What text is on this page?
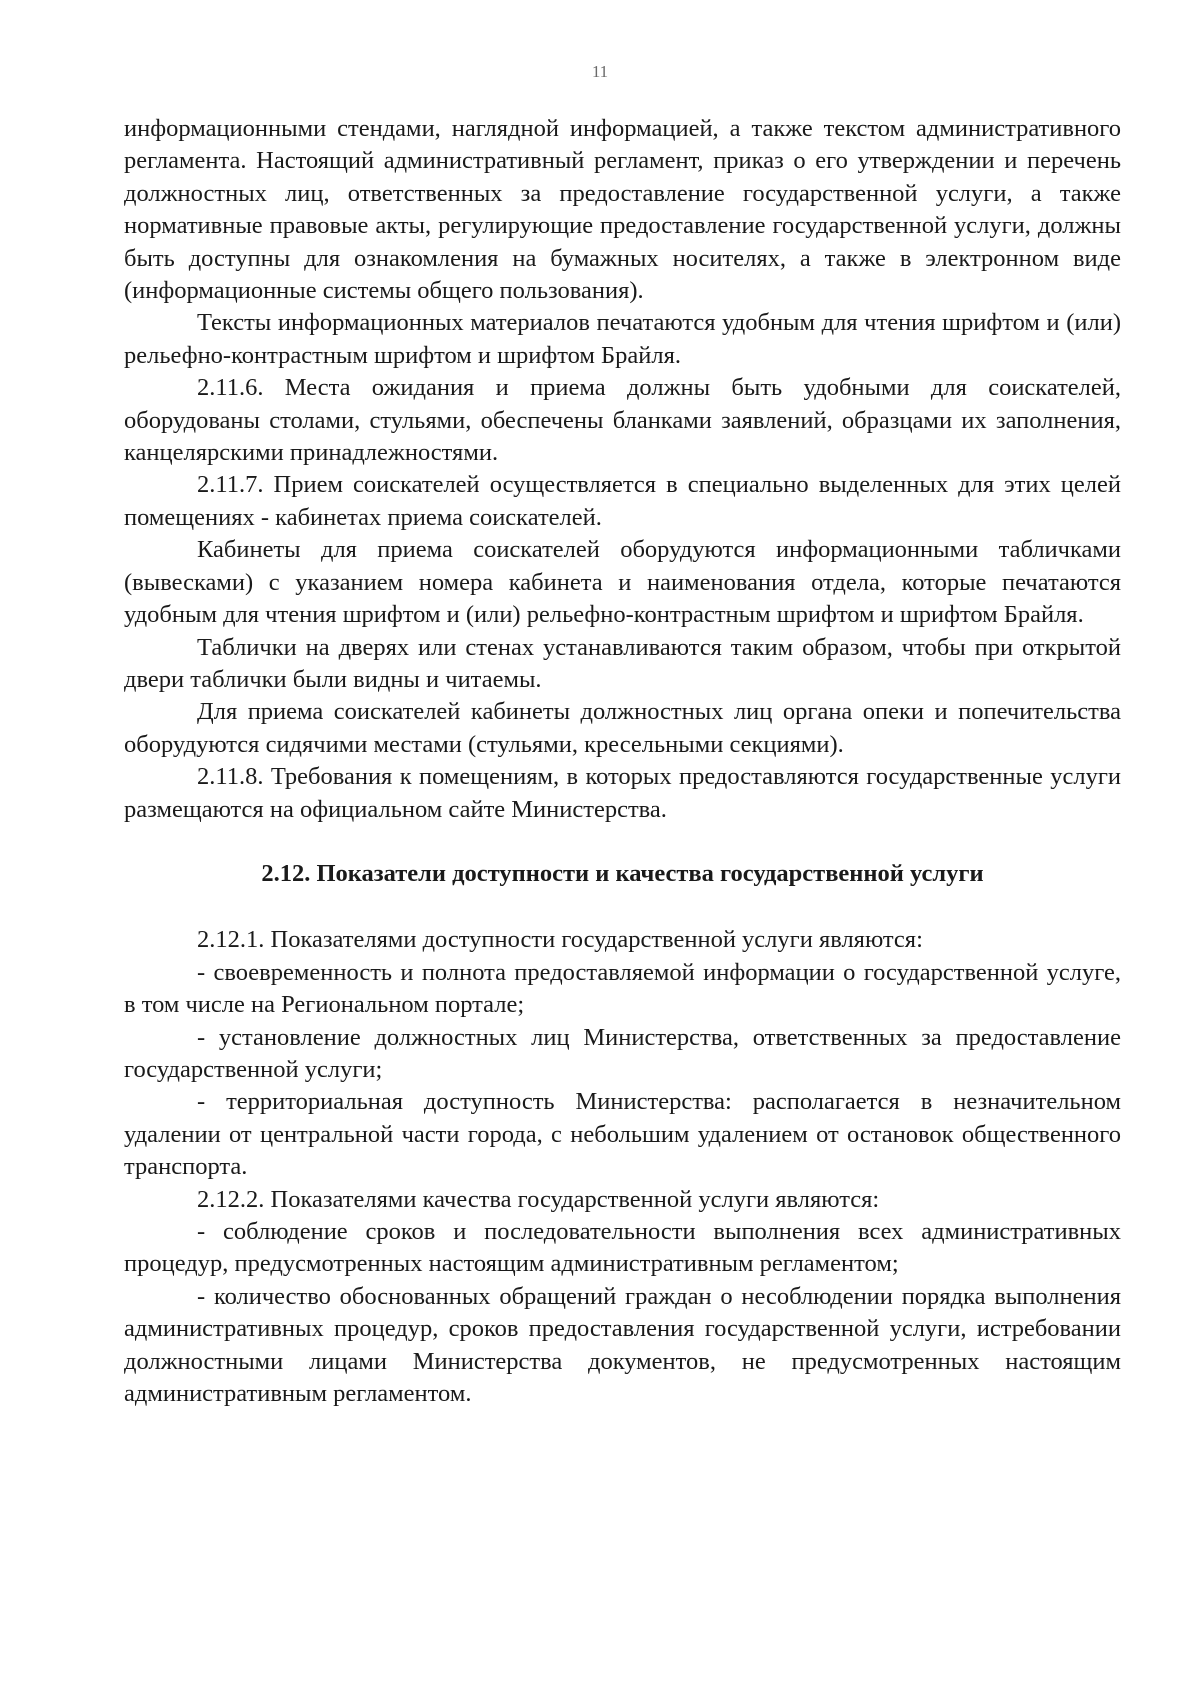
11

информационными стендами, наглядной информацией, а также текстом административного регламента. Настоящий административный регламент, приказ о его утверждении и перечень должностных лиц, ответственных за предоставление государственной услуги, а также нормативные правовые акты, регулирующие предоставление государственной услуги, должны быть доступны для ознакомления на бумажных носителях, а также в электронном виде (информационные системы общего пользования).

Тексты информационных материалов печатаются удобным для чтения шрифтом и (или) рельефно-контрастным шрифтом и шрифтом Брайля.

2.11.6. Места ожидания и приема должны быть удобными для соискателей, оборудованы столами, стульями, обеспечены бланками заявлений, образцами их заполнения, канцелярскими принадлежностями.

2.11.7. Прием соискателей осуществляется в специально выделенных для этих целей помещениях - кабинетах приема соискателей.

Кабинеты для приема соискателей оборудуются информационными табличками (вывесками) с указанием номера кабинета и наименования отдела, которые печатаются удобным для чтения шрифтом и (или) рельефно-контрастным шрифтом и шрифтом Брайля.

Таблички на дверях или стенах устанавливаются таким образом, чтобы при открытой двери таблички были видны и читаемы.

Для приема соискателей кабинеты должностных лиц органа опеки и попечительства оборудуются сидячими местами (стульями, кресельными секциями).

2.11.8. Требования к помещениям, в которых предоставляются государственные услуги размещаются на официальном сайте Министерства.

2.12. Показатели доступности и качества государственной услуги

2.12.1. Показателями доступности государственной услуги являются:

- своевременность и полнота предоставляемой информации о государственной услуге, в том числе на Региональном портале;

- установление должностных лиц Министерства, ответственных за предоставление государственной услуги;

- территориальная доступность Министерства: располагается в незначительном удалении от центральной части города, с небольшим удалением от остановок общественного транспорта.

2.12.2. Показателями качества государственной услуги являются:

- соблюдение сроков и последовательности выполнения всех административных процедур, предусмотренных настоящим административным регламентом;

- количество обоснованных обращений граждан о несоблюдении порядка выполнения административных процедур, сроков предоставления государственной услуги, истребовании должностными лицами Министерства документов, не предусмотренных настоящим административным регламентом.
